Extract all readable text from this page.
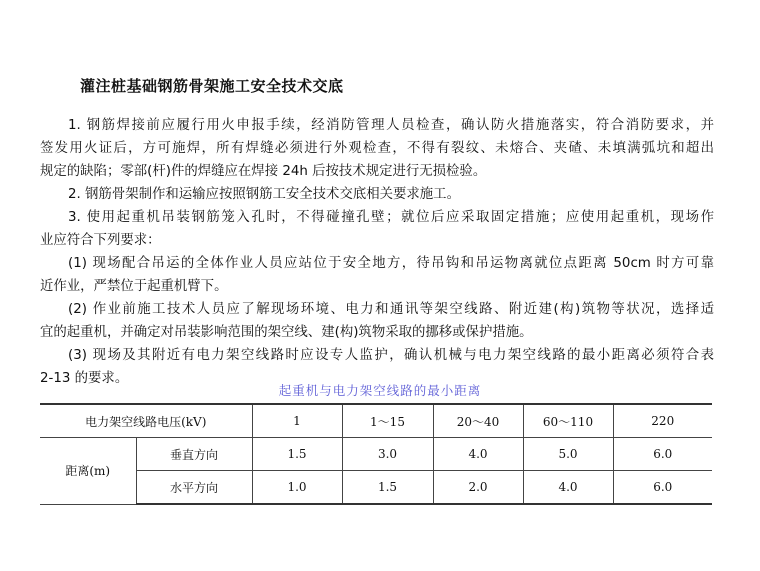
灌注桩基础钢筋骨架施工安全技术交底
1. 钢筋焊接前应履行用火申报手续，经消防管理人员检查，确认防火措施落实，符合消防要求，并
签发用火证后，方可施焊，所有焊缝必须进行外观检查，不得有裂纹、未熔合、夹碴、未填满弧坑和超出
规定的缺陷；零部(杆)件的焊缝应在焊接 24h 后按技术规定进行无损检验。
2. 钢筋骨架制作和运输应按照钢筋工安全技术交底相关要求施工。
3. 使用起重机吊装钢筋笼入孔时，不得碰撞孔壁；就位后应采取固定措施；应使用起重机，现场作
业应符合下列要求：
(1) 现场配合吊运的全体作业人员应站位于安全地方，待吊钩和吊运物离就位点距离 50cm 时方可靠
近作业，严禁位于起重机臂下。
(2) 作业前施工技术人员应了解现场环境、电力和通讯等架空线路、附近建(构)筑物等状况，选择适
宜的起重机，并确定对吊装影响范围的架空线、建(构)筑物采取的挪移或保护措施。
(3) 现场及其附近有电力架空线路时应设专人监护，确认机械与电力架空线路的最小距离必须符合表
2-13 的要求。
起重机与电力架空线路的最小距离
电力架空线路电压(kV)		1	1～15	20～40	60～110	220
距离(m)	垂直方向	1.5	3.0	4.0	5.0	6.0
	水平方向	1.0	1.5	2.0	4.0	6.0
